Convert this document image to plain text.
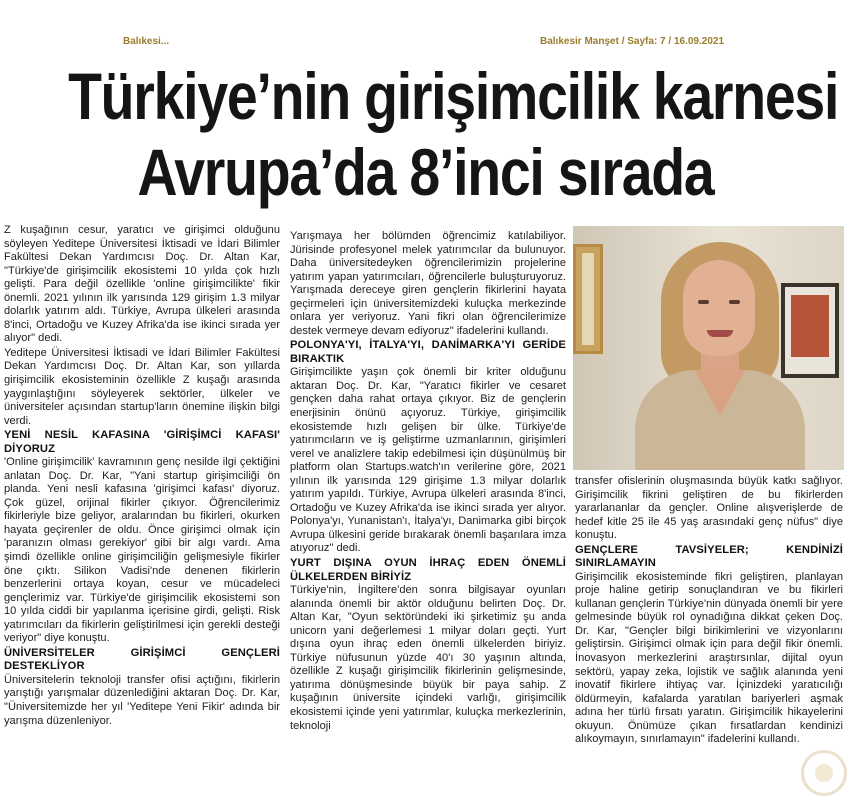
Balıkesi...	Balıkesir Manşet / Sayfa: 7 / 16.09.2021
Türkiye’nin girişimcilik karnesi
Avrupa’da 8’inci sırada

Z kuşağının cesur, yaratıcı ve girişimci olduğunu söyleyen Yeditepe Üniversitesi İktisadi ve İdari Bilimler Fakültesi Dekan Yardımcısı Doç. Dr. Altan Kar, "Türkiye'de girişimcilik ekosistemi 10 yılda çok hızlı gelişti. Para değil özellikle 'online girişimcilikte' fikir önemli. 2021 yılının ilk yarısında 129 girişim 1.3 milyar dolarlık yatırım aldı. Türkiye, Avrupa ülkeleri arasında 8'inci, Ortadoğu ve Kuzey Afrika'da ise ikinci sırada yer alıyor" dedi.

Yeditepe Üniversitesi İktisadi ve İdari Bilimler Fakültesi Dekan Yardımcısı Doç. Dr. Altan Kar, son yıllarda girişimcilik ekosisteminin özellikle Z kuşağı arasında yaygınlaştığını söyleyerek sektörler, ülkeler ve üniversiteler açısından startup'ların önemine ilişkin bilgi verdi.

YENİ NESİL KAFASINA 'GİRİŞİMCİ KAFASI' DİYORUZ

'Online girişimcilik' kavramının genç nesilde ilgi çektiğini anlatan Doç. Dr. Kar, "Yani startup girişimciliği ön planda. Yeni nesli kafasına 'girişimci kafası' diyoruz. Çok güzel, orijinal fikirler çıkıyor. Öğrencilerimiz fikirleriyle bize geliyor, aralarından bu fikirleri, okurken hayata geçirenler de oldu. Önce girişimci olmak için 'paranızın olması gerekiyor' gibi bir algı vardı. Ama şimdi özellikle online girişimciliğin gelişmesiyle fikirler öne çıktı. Silikon Vadisi'nde denenen fikirlerin benzerlerini ortaya koyan, cesur ve mücadeleci gençlerimiz var. Türkiye'de girişimcilik ekosistemi son 10 yılda ciddi bir yapılanma içerisine girdi, gelişti. Risk yatırımcıları da fikirlerin geliştirilmesi için gerekli desteği veriyor" diye konuştu.

ÜNİVERSİTELER GİRİŞİMCİ GENÇLERİ DESTEKLİYOR

Üniversitelerin teknoloji transfer ofisi açtığını, fikirlerin yarıştığı yarışmalar düzenlediğini aktaran Doç. Dr. Kar, "Üniversitemizde her yıl 'Yeditepe Yeni Fikir' adında bir yarışma düzenleniyor.

Yarışmaya her bölümden öğrencimiz katılabiliyor. Jürisinde profesyonel melek yatırımcılar da bulunuyor. Daha üniversitedeyken öğrencilerimizin projelerine yatırım yapan yatırımcıları, öğrencilerle buluşturuyoruz. Yarışmada dereceye giren gençlerin fikirlerini hayata geçirmeleri için üniversitemizdeki kuluçka merkezinde onlara yer veriyoruz. Yani fikri olan öğrencilerimize destek vermeye devam ediyoruz" ifadelerini kullandı.

POLONYA'YI, İTALYA'YI, DANİMARKA'YI GERİDE BIRAKTIK

Girişimcilikte yaşın çok önemli bir kriter olduğunu aktaran Doç. Dr. Kar, "Yaratıcı fikirler ve cesaret gençken daha rahat ortaya çıkıyor. Biz de gençlerin enerjisinin önünü açıyoruz. Türkiye, girişimcilik ekosistemde hızlı gelişen bir ülke. Türkiye'de yatırımcıların ve iş geliştirme uzmanlarının, girişimleri verel ve analizlere takip edebilmesi için düşünülmüş bir platform olan Startups.watch'ın verilerine göre, 2021 yılının ilk yarısında 129 girişime 1.3 milyar dolarlık yatırım yapıldı. Türkiye, Avrupa ülkeleri arasında 8'inci, Ortadoğu ve Kuzey Afrika'da ise ikinci sırada yer alıyor. Polonya'yı, Yunanistan'ı, İtalya'yı, Danimarka gibi birçok Avrupa ülkesini geride bırakarak önemli başarılara imza atıyoruz" dedi.

YURT DIŞINA OYUN İHRAÇ EDEN ÖNEMLİ ÜLKELERDEN BİRİYİZ

Türkiye'nin, İngiltere'den sonra bilgisayar oyunları alanında önemli bir aktör olduğunu belirten Doç. Dr. Altan Kar, "Oyun sektöründeki iki şirketimiz şu anda unicorn yani değerlemesi 1 milyar doları geçti. Yurt dışına oyun ihraç eden önemli ülkelerden biriyiz. Türkiye nüfusunun yüzde 40'ı 30 yaşının altında, özellikle Z kuşağı girişimcilik fikirlerinin gelişmesinde, yatırıma dönüşmesinde büyük bir paya sahip. Z kuşağının üniversite içindeki varlığı, girişimcilik ekosistemi içinde yeni yatırımlar, kuluçka merkezlerinin, teknoloji

transfer ofislerinin oluşmasında büyük katkı sağlıyor. Girişimcilik fikrini geliştiren de bu fikirlerden yararlananlar da gençler. Online alışverişlerde de hedef kitle 25 ile 45 yaş arasındaki genç nüfus" diye konuştu.

GENÇLERE TAVSİYELER; KENDİNİZİ SINIRLAMAYIN

Girişimcilik ekosisteminde fikri geliştiren, planlayan proje haline getirip sonuçlandıran ve bu fikirleri kullanan gençlerin Türkiye'nin dünyada önemli bir yere gelmesinde büyük rol oynadığına dikkat çeken Doç. Dr. Kar, "Gençler bilgi birikimlerini ve vizyonlarını geliştirsin. Girişimci olmak için para değil fikir önemli. İnovasyon merkezlerini araştırsınlar, dijital oyun sektörü, yapay zeka, lojistik ve sağlık alanında yeni inovatif fikirlere ihtiyaç var. İçinizdeki yaratıcılığı öldürmeyin, kafalarda yaratılan bariyerleri aşmak adına her türlü fırsatı yaratın. Girişimcilik hikayelerini okuyun. Önümüze çıkan fırsatlardan kendinizi alıkoymayın, sınırlamayın" ifadelerini kullandı.
